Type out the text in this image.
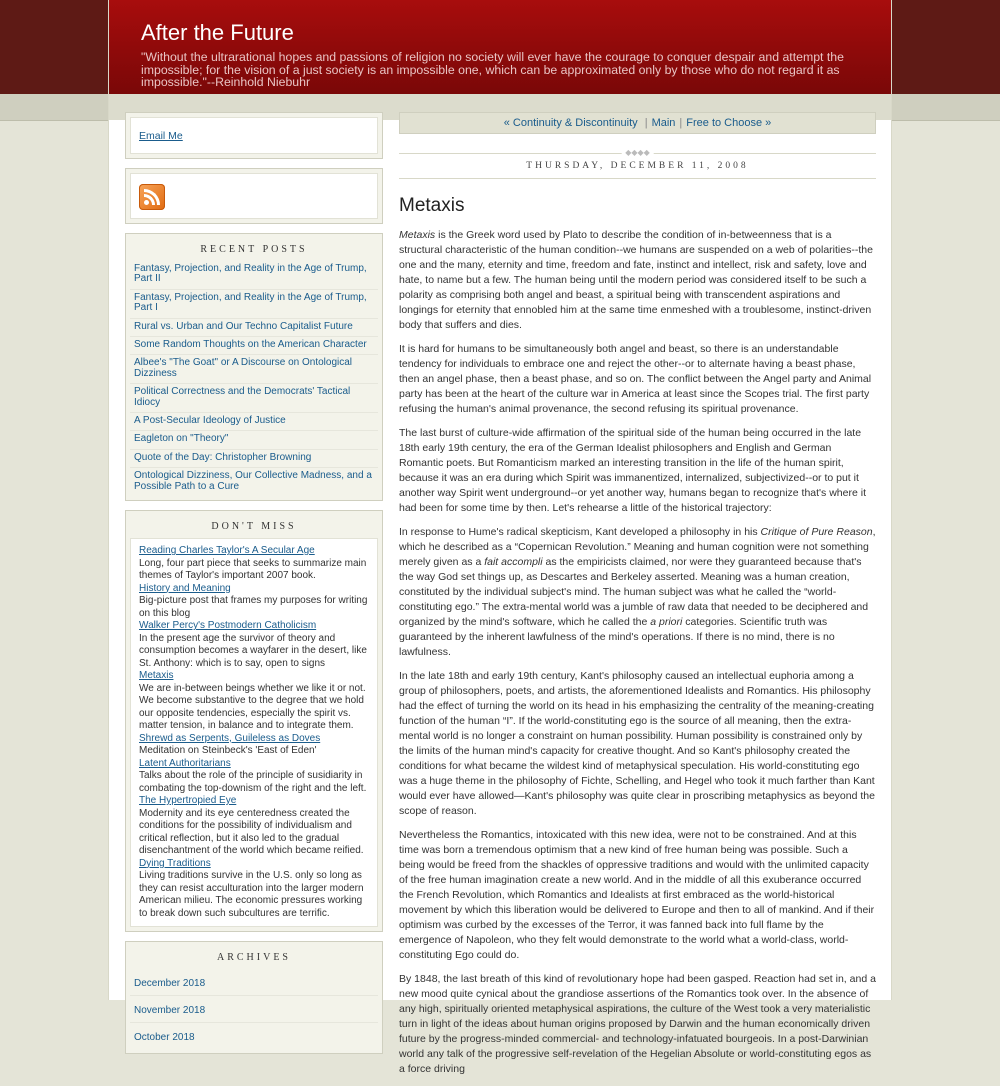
After the Future

"Without the ultrarational hopes and passions of religion no society will ever have the courage to conquer despair and attempt the impossible; for the vision of a just society is an impossible one, which can be approximated only by those who do not regard it as impossible."--Reinhold Niebuhr

Email Me
RECENT POSTS
Fantasy, Projection, and Reality in the Age of Trump, Part II
Fantasy, Projection, and Reality in the Age of Trump, Part I
Rural vs. Urban and Our Techno Capitalist Future
Some Random Thoughts on the American Character
Albee's "The Goat" or A Discourse on Ontological Dizziness
Political Correctness and the Democrats' Tactical Idiocy
A Post-Secular Ideology of Justice
Eagleton on "Theory"
Quote of the Day: Christopher Browning
Ontological Dizziness, Our Collective Madness, and a Possible Path to a Cure
DON'T MISS
Reading Charles Taylor's A Secular Age

Long, four part piece that seeks to summarize main themes of Taylor's important 2007 book.

History and Meaning

Big-picture post that frames my purposes for writing on this blog

Walker Percy's Postmodern Catholicism

In the present age the survivor of theory and consumption becomes a wayfarer in the desert, like St. Anthony: which is to say, open to signs

Metaxis

We are in-between beings whether we like it or not. We become substantive to the degree that we hold our opposite tendencies, especially the spirit vs. matter tension, in balance and to integrate them.

Shrewd as Serpents, Guileless as Doves

Meditation on Steinbeck's 'East of Eden'

Latent Authoritarians

Talks about the role of the principle of susidiarity in combating the top-downism of the right and the left.

The Hypertropied Eye

Modernity and its eye centeredness created the conditions for the possibility of individualism and critical reflection, but it also led to the gradual disenchantment of the world which became reified.

Dying Traditions

Living traditions survive in the U.S. only so long as they can resist acculturation into the larger modern American milieu. The economic pressures working to break down such subcultures are terrific.

ARCHIVES
December 2018
November 2018
October 2018
« Continuity & Discontinuity | Main | Free to Choose »
◆◆◆◆
THURSDAY, DECEMBER 11, 2008
Metaxis

Metaxis is the Greek word used by Plato to describe the condition of in-betweenness that is a structural characteristic of the human condition--we humans are suspended on a web of polarities--the one and the many, eternity and time, freedom and fate, instinct and intellect, risk and safety, love and hate, to name but a few. The human being until the modern period was considered itself to be such a polarity as comprising both angel and beast, a spiritual being with transcendent aspirations and longings for eternity that ennobled him at the same time enmeshed with a troublesome, instinct-driven body that suffers and dies.

It is hard for humans to be simultaneously both angel and beast, so there is an understandable tendency for individuals to embrace one and reject the other--or to alternate having a beast phase, then an angel phase, then a beast phase, and so on. The conflict between the Angel party and Animal party has been at the heart of the culture war in America at least since the Scopes trial. The first party refusing the human's animal provenance, the second refusing its spiritual provenance.

The last burst of culture-wide affirmation of the spiritual side of the human being occurred in the late 18th early 19th century, the era of the German Idealist philosophers and English and German Romantic poets. But Romanticism marked an interesting transition in the life of the human spirit, because it was an era during which Spirit was immanentized, internalized, subjectivized--or to put it another way Spirit went underground--or yet another way, humans began to recognize that's where it had been for some time by then. Let's rehearse a little of the historical trajectory:

In response to Hume's radical skepticism, Kant developed a philosophy in his Critique of Pure Reason, which he described as a “Copernican Revolution.” Meaning and human cognition were not something merely given as a fait accompli as the empiricists claimed, nor were they guaranteed because that's the way God set things up, as Descartes and Berkeley asserted. Meaning was a human creation, constituted by the individual subject's mind. The human subject was what he called the “world-constituting ego.” The extra-mental world was a jumble of raw data that needed to be deciphered and organized by the mind's software, which he called the a priori categories. Scientific truth was guaranteed by the inherent lawfulness of the mind's operations. If there is no mind, there is no lawfulness.

In the late 18th and early 19th century, Kant's philosophy caused an intellectual euphoria among a group of philosophers, poets, and artists, the aforementioned Idealists and Romantics. His philosophy had the effect of turning the world on its head in his emphasizing the centrality of the meaning-creating function of the human “I”. If the world-constituting ego is the source of all meaning, then the extra-mental world is no longer a constraint on human possibility. Human possibility is constrained only by the limits of the human mind's capacity for creative thought. And so Kant's philosophy created the conditions for what became the wildest kind of metaphysical speculation. His world-constituting ego was a huge theme in the philosophy of Fichte, Schelling, and Hegel who took it much farther than Kant would ever have allowed—Kant's philosophy was quite clear in proscribing metaphysics as beyond the scope of reason.

Nevertheless the Romantics, intoxicated with this new idea, were not to be constrained. And at this time was born a tremendous optimism that a new kind of free human being was possible. Such a being would be freed from the shackles of oppressive traditions and would with the unlimited capacity of the free human imagination create a new world. And in the middle of all this exuberance occurred the French Revolution, which Romantics and Idealists at first embraced as the world-historical movement by which this liberation would be delivered to Europe and then to all of mankind. And if their optimism was curbed by the excesses of the Terror, it was fanned back into full flame by the emergence of Napoleon, who they felt would demonstrate to the world what a world-class, world-constituting Ego could do.

By 1848, the last breath of this kind of revolutionary hope had been gasped. Reaction had set in, and a new mood quite cynical about the grandiose assertions of the Romantics took over. In the absence of any high, spiritually oriented metaphysical aspirations, the culture of the West took a very materialistic turn in light of the ideas about human origins proposed by Darwin and the human economically driven future by the progress-minded commercial- and technology-infatuated bourgeois. In a post-Darwinian world any talk of the progressive self-revelation of the Hegelian Absolute or world-constituting egos as a force driving
